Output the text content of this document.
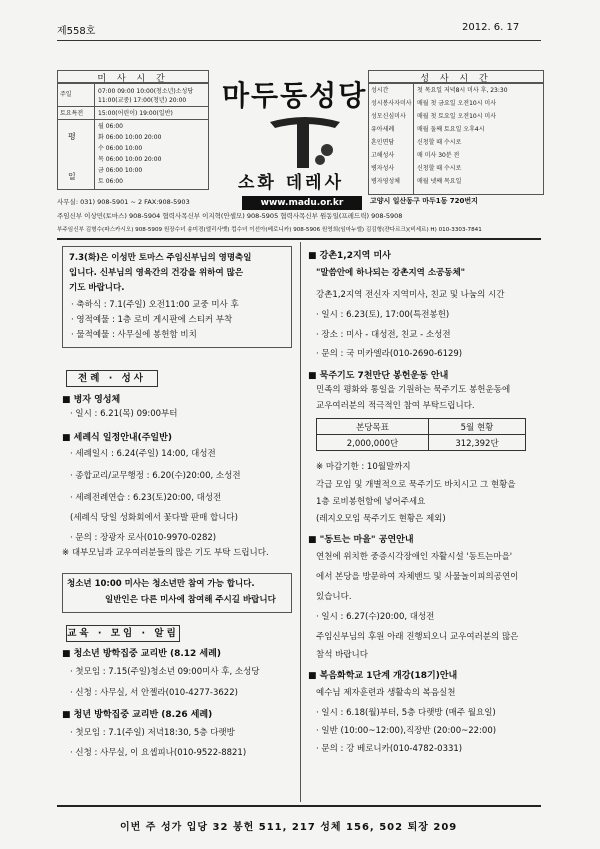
제558호	2012. 6. 17
미 사 시 간
주일	07:00 09:00 10:00(청소년)소성당
11:00(교중) 17:00(청년) 20:00
토요특전 15:00(어린이) 19:00(일반)
평
일
월 06:00
화 06:00 10:00 20:00
수 06:00 10:00
목 06:00 10:00 20:00
금 06:00 10:00
토 06:00
마두동성당
소화 데레사
www.madu.or.kr
성 사 시 간
성시간	첫 목요일 저녁8시 미사 후, 23:30
성시봉사자미사 매월 첫 금요일 오전10시 미사
성모신심미사 매월 첫 토요일 오전10시 미사
유아세례	매월 둘째 토요일 오후4시
혼인면담	신청할 때 수시로
고해성사	매 미사 30분 전
병자성사	신청할 때 수시로
병자영성체	매월 넷째 목요일
고양시 일산동구 마두1동 720번지
사무실: 031) 908-5901 ~ 2 FAX:908-5903
주임신부 이상민(토마스) 908-5904 협력사목신부 이지혁(안셀모) 908-5905 협력사목신부 원동일(프레드릭) 908-5908
부주임신부 김형수(파스카시오) 908-5909 원장수녀 송미경(엘리사벳) 컵수녀 이선아(베로니카) 908-5906 원영희(임마누엘) 김김형(쟌다르크)(비세르) H) 010-3303-7841
7.3(화)은 이성만 토마스 주임신부님의 영명축일
입니다. 신부님의 영육간의 건강을 위하여 많은
기도 바랍니다.
· 축하식 : 7.1(주일) 오전11:00 교중 미사 후
· 영적예물 : 1층 로비 게시판에 스티커 부착
· 물적예물 : 사무실에 봉헌함 비치
전례 · 성사
■ 병자 영성체
· 일시 : 6.21(목) 09:00부터
■ 세례식 일정안내(주일반)
· 세례일시 : 6.24(주일) 14:00, 대성전
· 종합교리/교무행정 : 6.20(수)20:00, 소성전
· 세례전례연습 : 6.23(토)20:00, 대성전
(세례식 당일 성화회에서 꽃다발 판매 합니다)
· 문의 : 장광자 로사(010-9970-0282)
※ 대부모님과 교우여러분들의 많은 기도 부탁 드립니다.
청소년 10:00 미사는 청소년만 참여 가능 합니다.
일반인은 다른 미사에 참여해 주시길 바랍니다
교육 · 모임 · 알림
■ 청소년 방학집중 교리반 (8.12 세례)
· 첫모임 : 7.15(주일)청소년 09:00미사 후, 소성당
· 신청 : 사무실, 서 안젤라(010-4277-3622)
■ 청년 방학집중 교리반 (8.26 세례)
· 첫모임 : 7.1(주일) 저녁18:30, 5층 다랫방
· 신청 : 사무실, 이 요셉피나(010-9522-8821)
■ 강촌1,2지역 미사
"말씀안에 하나되는 강촌지역 소공동체"
강촌1,2지역 전신자 지역미사, 친교 및 나눔의 시간
· 일시 : 6.23(토), 17:00(특전봉헌)
· 장소 : 미사 - 대성전, 친교 - 소성전
· 문의 : 국 미카엘라(010-2690-6129)
■ 묵주기도 7천만단 봉헌운동 안내
민족의 평화와 통일을 기원하는 묵주기도 봉헌운동에
교우여러분의 적극적인 참여 부탁드립니다.
본당목표	5월 현황
2,000,000단	312,392단
※ 마감기한 : 10월말까지
각급 모임 및 개별적으로 묵주기도 바치시고 그 현황을
1층 로비봉헌함에 넣어주세요
(레지오모임 묵주기도 현황은 제외)
■ "동트는 마을" 공연안내
연천에 위치한 중증시각장애인 자활시설 '동트는마을'
에서 본당을 방문하여 자체밴드 및 사물놀이피의공연이
있습니다.
· 일시 : 6.27(수)20:00, 대성전
주임신부님의 후원 아래 진행되오니 교우여러분의 많은
참석 바랍니다
■ 복음화학교 1단계 개강(18기)안내
예수님 제자훈련과 생활속의 복음실천
· 일시 : 6.18(월)부터, 5층 다랫방 (매주 월요일)
· 일반 (10:00~12:00),직장반 (20:00~22:00)
· 문의 : 강 베로니카(010-4782-0331)
이번 주 성가 입당 32 봉헌 511, 217 성체 156, 502 퇴장 209
